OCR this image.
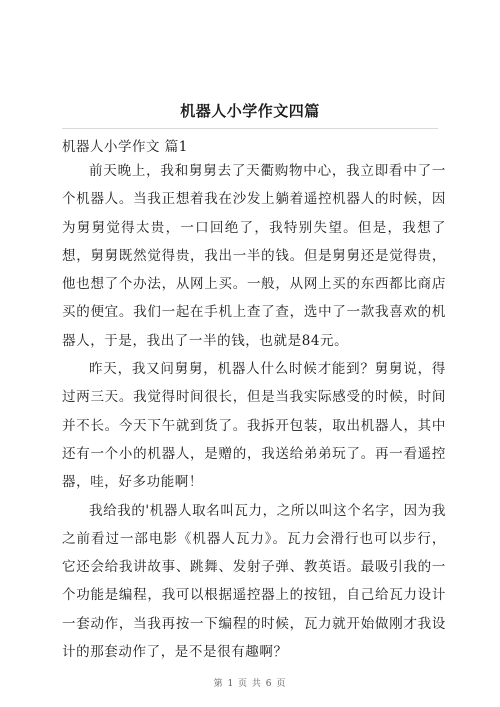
机器人小学作文四篇
机器人小学作文 篇1

前天晚上，我和舅舅去了天衢购物中心，我立即看中了一个机器人。当我正想着我在沙发上躺着遥控机器人的时候，因为舅舅觉得太贵，一口回绝了，我特别失望。但是，我想了想，舅舅既然觉得贵，我出一半的钱。但是舅舅还是觉得贵，他也想了个办法，从网上买。一般，从网上买的东西都比商店买的便宜。我们一起在手机上查了查，选中了一款我喜欢的机器人，于是，我出了一半的钱，也就是84元。

昨天，我又问舅舅，机器人什么时候才能到？舅舅说，得过两三天。我觉得时间很长，但是当我实际感受的时候，时间并不长。今天下午就到货了。我拆开包装，取出机器人，其中还有一个小的机器人，是赠的，我送给弟弟玩了。再一看遥控器，哇，好多功能啊！

我给我的'机器人取名叫瓦力，之所以叫这个名字，因为我之前看过一部电影《机器人瓦力》。瓦力会滑行也可以步行，它还会给我讲故事、跳舞、发射子弹、教英语。最吸引我的一个功能是编程，我可以根据遥控器上的按钮，自己给瓦力设计一套动作，当我再按一下编程的时候，瓦力就开始做刚才我设计的那套动作了，是不是很有趣啊？

第 1 页 共 6 页
